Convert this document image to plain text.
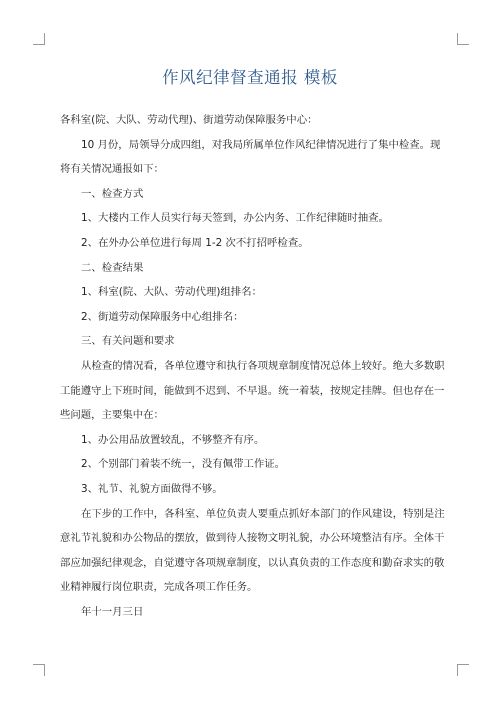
作风纪律督查通报 模板

各科室(院、大队、劳动代理)、街道劳动保障服务中心：

10 月份，局领导分成四组，对我局所属单位作风纪律情况进行了集中检查。现将有关情况通报如下：

一、检查方式

1、大楼内工作人员实行每天签到，办公内务、工作纪律随时抽查。

2、在外办公单位进行每周 1-2 次不打招呼检查。

二、检查结果

1、科室(院、大队、劳动代理)组排名：

2、街道劳动保障服务中心组排名：

三、有关问题和要求

从检查的情况看，各单位遵守和执行各项规章制度情况总体上较好。绝大多数职工能遵守上下班时间，能做到不迟到、不早退。统一着装，按规定挂牌。但也存在一些问题，主要集中在：

1、办公用品放置较乱，不够整齐有序。

2、个别部门着装不统一，没有佩带工作证。

3、礼节、礼貌方面做得不够。

在下步的工作中，各科室、单位负责人要重点抓好本部门的作风建设，特别是注意礼节礼貌和办公物品的摆放，做到待人接物文明礼貌，办公环境整洁有序。全体干部应加强纪律观念，自觉遵守各项规章制度，以认真负责的工作态度和勤奋求实的敬业精神履行岗位职责，完成各项工作任务。

年十一月三日
